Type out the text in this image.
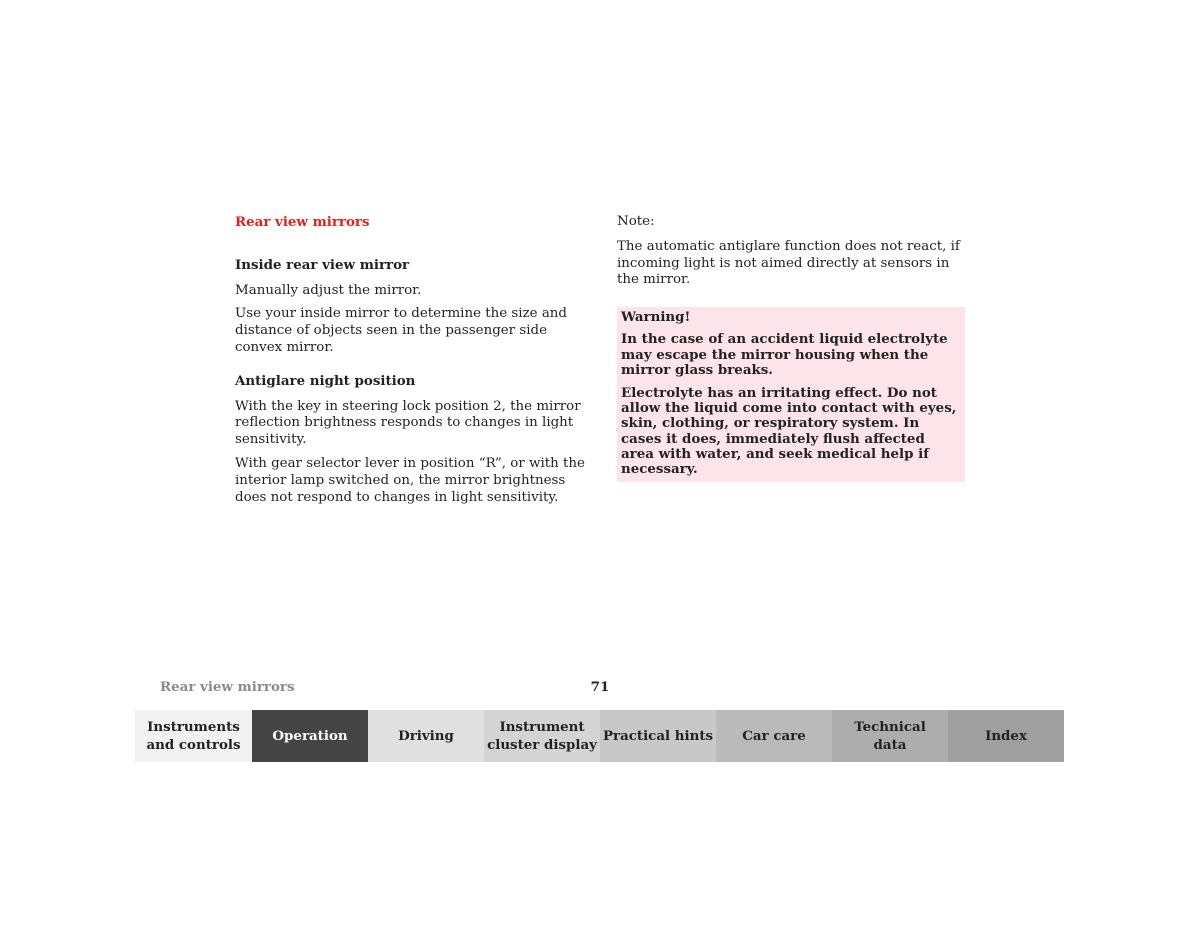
Rear view mirrors

Inside rear view mirror

Manually adjust the mirror.

Use your inside mirror to determine the size and distance of objects seen in the passenger side convex mirror.

Antiglare night position

With the key in steering lock position 2, the mirror reflection brightness responds to changes in light sensitivity.

With gear selector lever in position “R”, or with the interior lamp switched on, the mirror brightness does not respond to changes in light sensitivity.

Note:

The automatic antiglare function does not react, if incoming light is not aimed directly at sensors in the mirror.

Warning!

In the case of an accident liquid electrolyte may escape the mirror housing when the mirror glass breaks.

Electrolyte has an irritating effect. Do not allow the liquid come into contact with eyes, skin, clothing, or respiratory system. In cases it does, immediately flush affected area with water, and seek medical help if necessary.

Rear view mirrors	71
Instruments
and controls
Operation	Driving
Instrument
cluster display
Practical hints	Car care
Technical
data
Index
